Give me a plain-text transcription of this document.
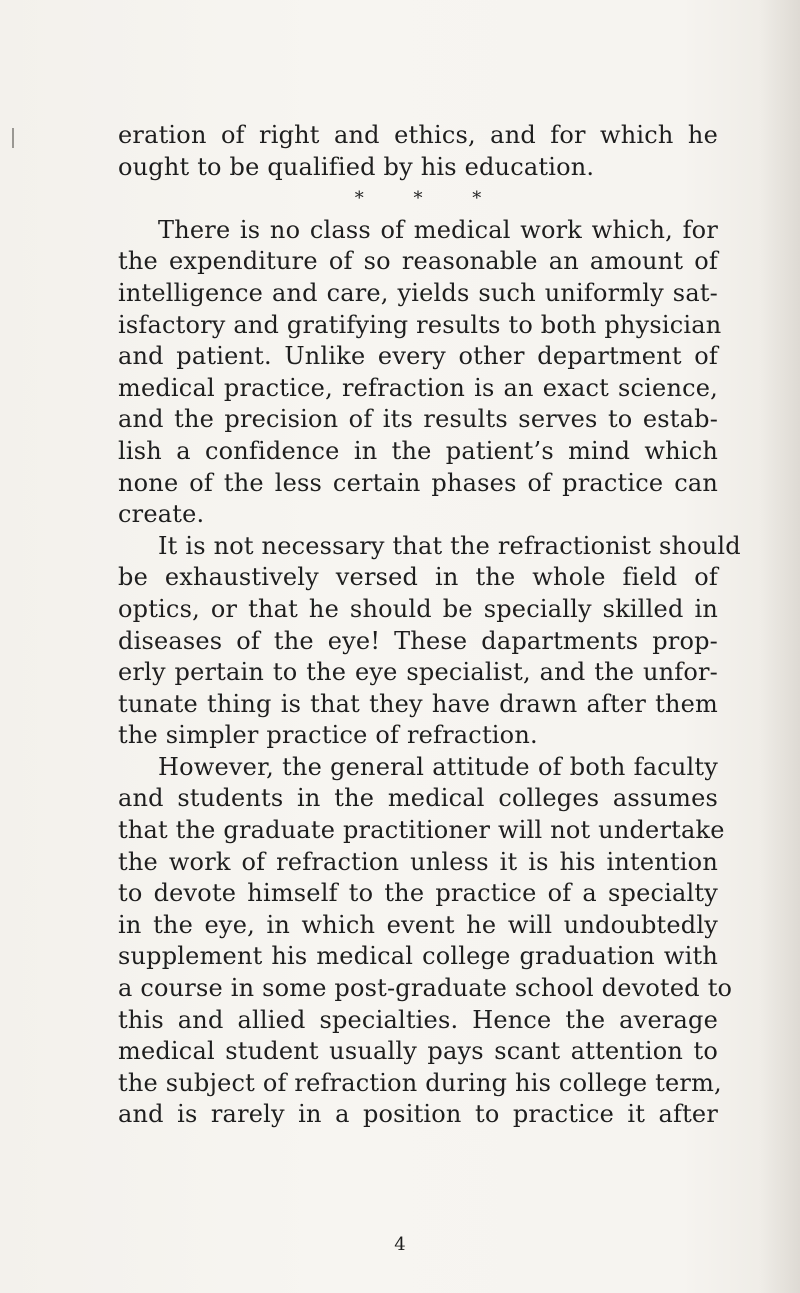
eration of right and ethics, and for which he
ought to be qualified by his education.
* * *
There is no class of medical work which, for
the expenditure of so reasonable an amount of
intelligence and care, yields such uniformly sat-
isfactory and gratifying results to both physician
and patient. Unlike every other department of
medical practice, refraction is an exact science,
and the precision of its results serves to estab-
lish a confidence in the patient’s mind which
none of the less certain phases of practice can
create.
It is not necessary that the refractionist should
be exhaustively versed in the whole field of
optics, or that he should be specially skilled in
diseases of the eye! These dapartments prop-
erly pertain to the eye specialist, and the unfor-
tunate thing is that they have drawn after them
the simpler practice of refraction.
However, the general attitude of both faculty
and students in the medical colleges assumes
that the graduate practitioner will not undertake
the work of refraction unless it is his intention
to devote himself to the practice of a specialty
in the eye, in which event he will undoubtedly
supplement his medical college graduation with
a course in some post-graduate school devoted to
this and allied specialties. Hence the average
medical student usually pays scant attention to
the subject of refraction during his college term,
and is rarely in a position to practice it after
4
